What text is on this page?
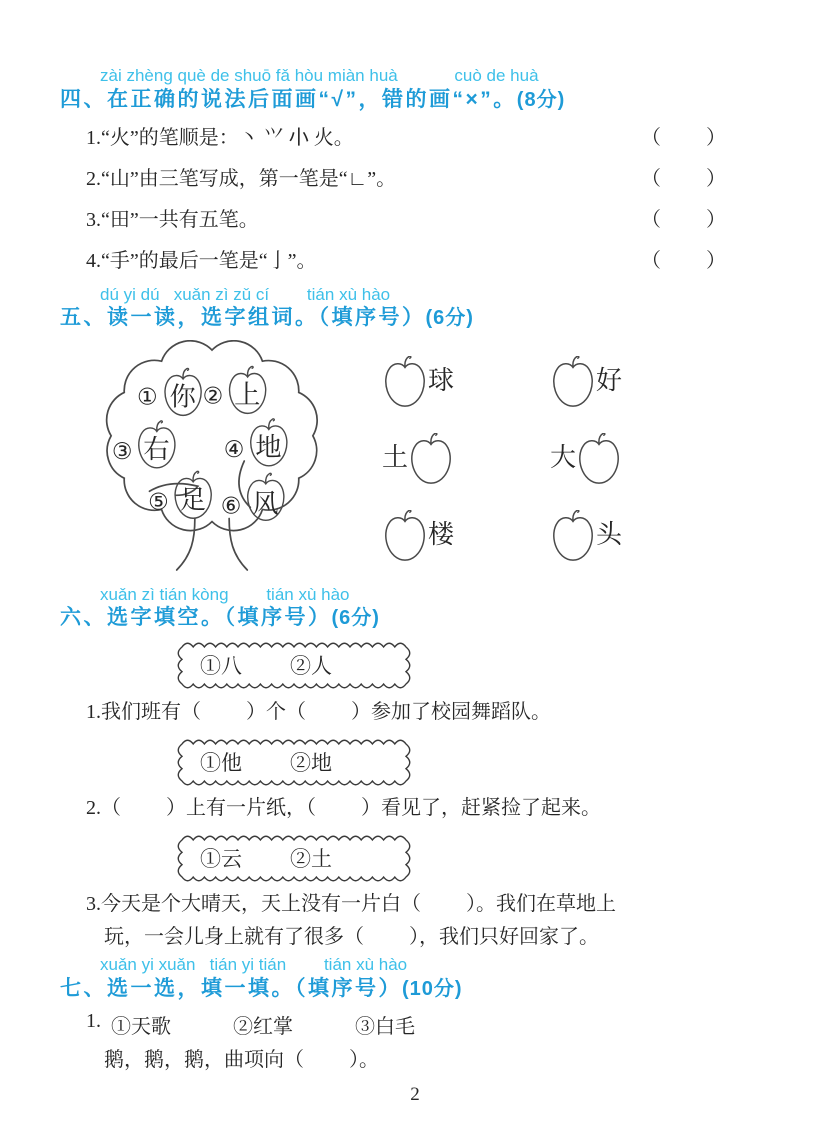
zài zhèng què de shuō fǎ hòu miàn huà            cuò de huà
四、在正确的说法后面画“√”，错的画“×”。(8分)
1.“火”的笔顺是：丶 ⺍ 𡭔 火。	（         ）
2.“山”由三笔写成，第一笔是“∟”。	（         ）
3.“田”一共有五笔。	（         ）
4.“手”的最后一笔是“亅”。	（         ）
dú yi dú   xuǎn zì zǔ cí        tián xù hào
五、读一读，选字组词。（填序号）(6分)
① 你 ② 上
③ 右 ④ 地
⑤ 足 ⑥ 风
球	好
土	大
楼	头
xuǎn zì tián kòng        tián xù hào
六、选字填空。（填序号）(6分)
①八 ②人
1.我们班有（         ）个（         ）参加了校园舞蹈队。
①他 ②地
2.（         ）上有一片纸，（         ）看见了，赶紧捡了起来。
①云 ②土
3.今天是个大晴天，天上没有一片白（         ）。我们在草地上
玩，一会儿身上就有了很多（         ），我们只好回家了。
xuǎn yi xuǎn   tián yi tián        tián xù hào
七、选一选，填一填。（填序号）(10分)
1. ①天歌	②红掌	③白毛
鹅，鹅，鹅，曲项向（         ）。
2
